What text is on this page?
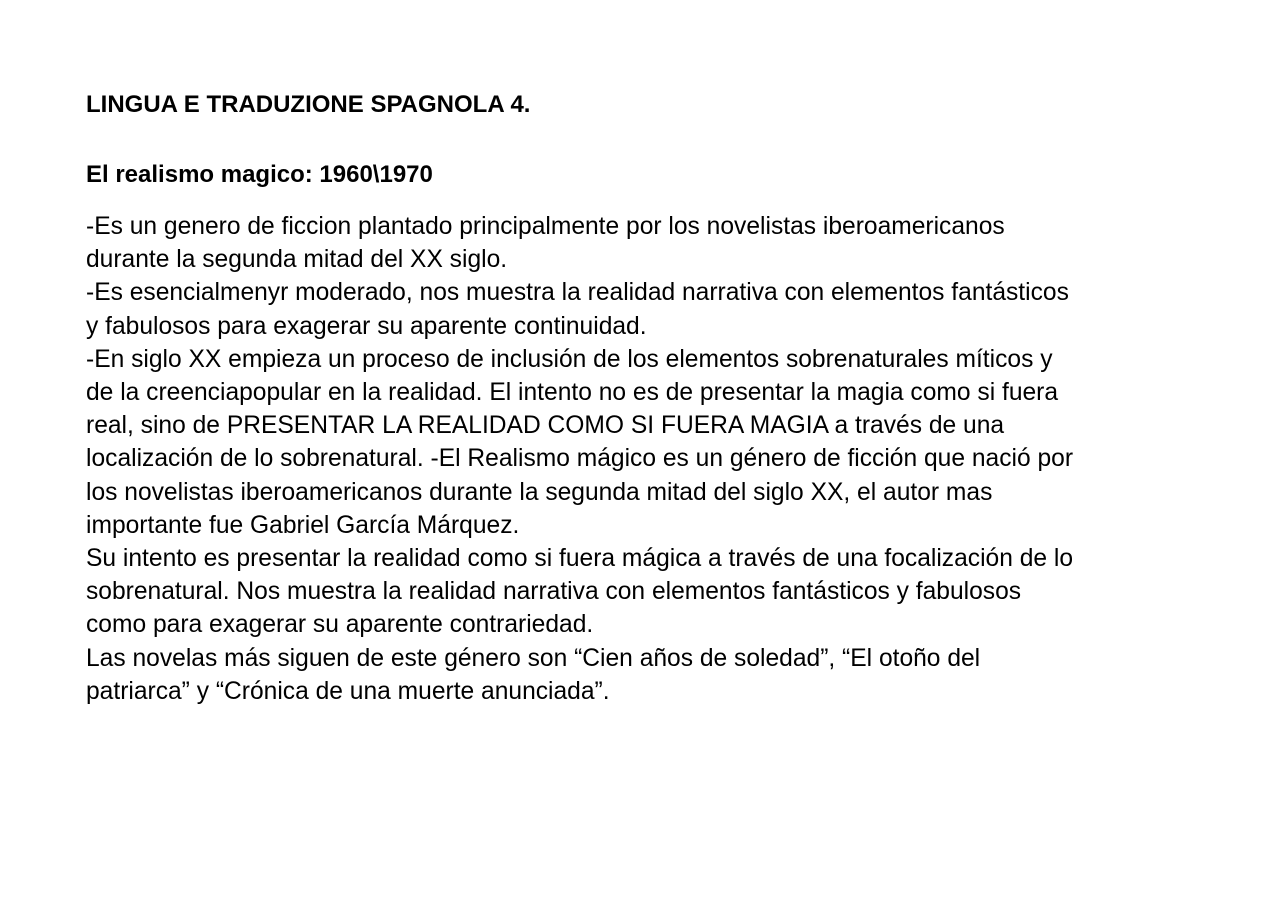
LINGUA E TRADUZIONE SPAGNOLA 4.
El realismo magico: 1960\1970
-Es un genero de ficcion plantado principalmente por los novelistas iberoamericanos
durante la segunda mitad del XX siglo.
-Es esencialmenyr moderado, nos muestra la realidad narrativa con elementos fantásticos
y fabulosos para exagerar su aparente continuidad.
-En siglo XX empieza un proceso de inclusión de los elementos sobrenaturales míticos y
de la creenciapopular en la realidad. El intento no es de presentar la magia como si fuera
real, sino de PRESENTAR LA REALIDAD COMO SI FUERA MAGIA a través de una
localización de lo sobrenatural. -El Realismo mágico es un género de ficción que nació por
los novelistas iberoamericanos durante la segunda mitad del siglo XX, el autor mas
importante fue Gabriel García Márquez.
Su intento es presentar la realidad como si fuera mágica a través de una focalización de lo
sobrenatural. Nos muestra la realidad narrativa con elementos fantásticos y fabulosos
como para exagerar su aparente contrariedad.
Las novelas más siguen de este género son “Cien años de soledad”, “El otoño del
patriarca” y “Crónica de una muerte anunciada”.
